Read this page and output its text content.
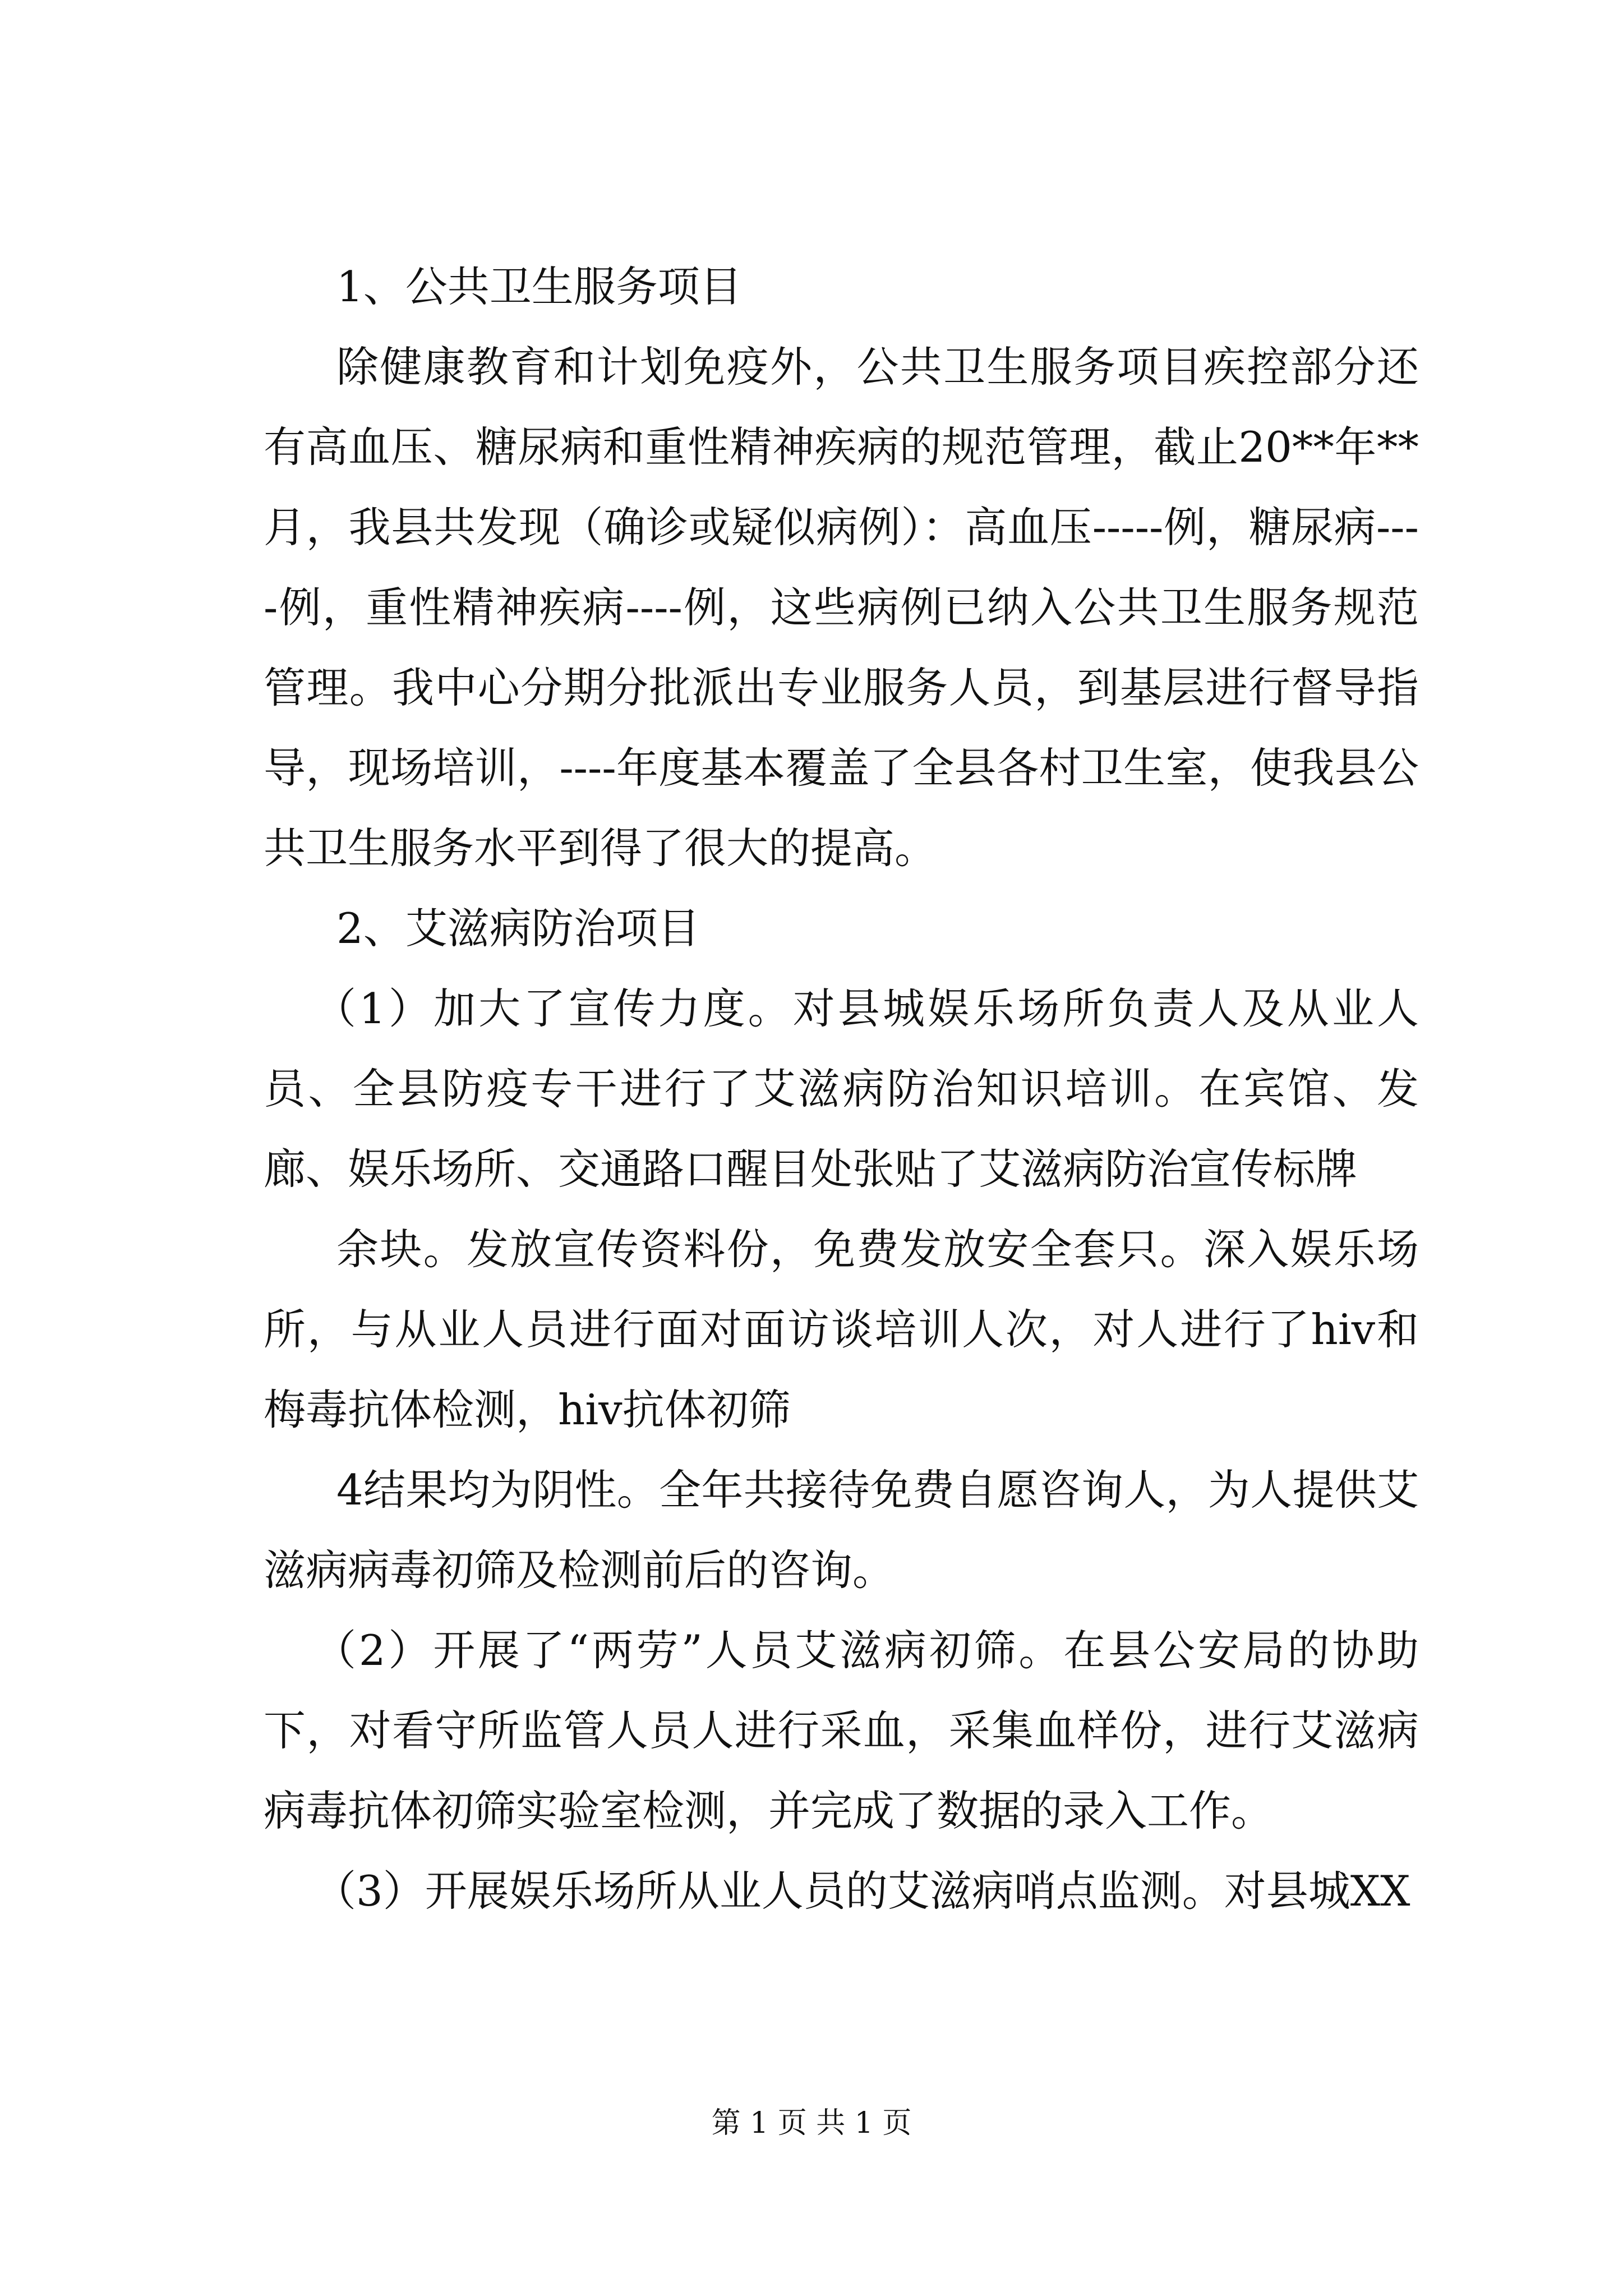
1、公共卫生服务项目

除健康教育和计划免疫外，公共卫生服务项目疾控部分还有高血压、糖尿病和重性精神疾病的规范管理，截止20**年**月，我县共发现（确诊或疑似病例）：高血压-----例，糖尿病----例，重性精神疾病----例，这些病例已纳入公共卫生服务规范管理。我中心分期分批派出专业服务人员，到基层进行督导指导，现场培训，----年度基本覆盖了全县各村卫生室，使我县公共卫生服务水平到得了很大的提高。

2、艾滋病防治项目

（1）加大了宣传力度。对县城娱乐场所负责人及从业人员、全县防疫专干进行了艾滋病防治知识培训。在宾馆、发廊、娱乐场所、交通路口醒目处张贴了艾滋病防治宣传标牌

余块。发放宣传资料份，免费发放安全套只。深入娱乐场所，与从业人员进行面对面访谈培训人次，对人进行了hiv和梅毒抗体检测，hiv抗体初筛

4结果均为阴性。全年共接待免费自愿咨询人，为人提供艾滋病病毒初筛及检测前后的咨询。

（2）开展了“两劳”人员艾滋病初筛。在县公安局的协助下，对看守所监管人员人进行采血，采集血样份，进行艾滋病病毒抗体初筛实验室检测，并完成了数据的录入工作。

（3）开展娱乐场所从业人员的艾滋病哨点监测。对县城XX

第 1 页 共 1 页
